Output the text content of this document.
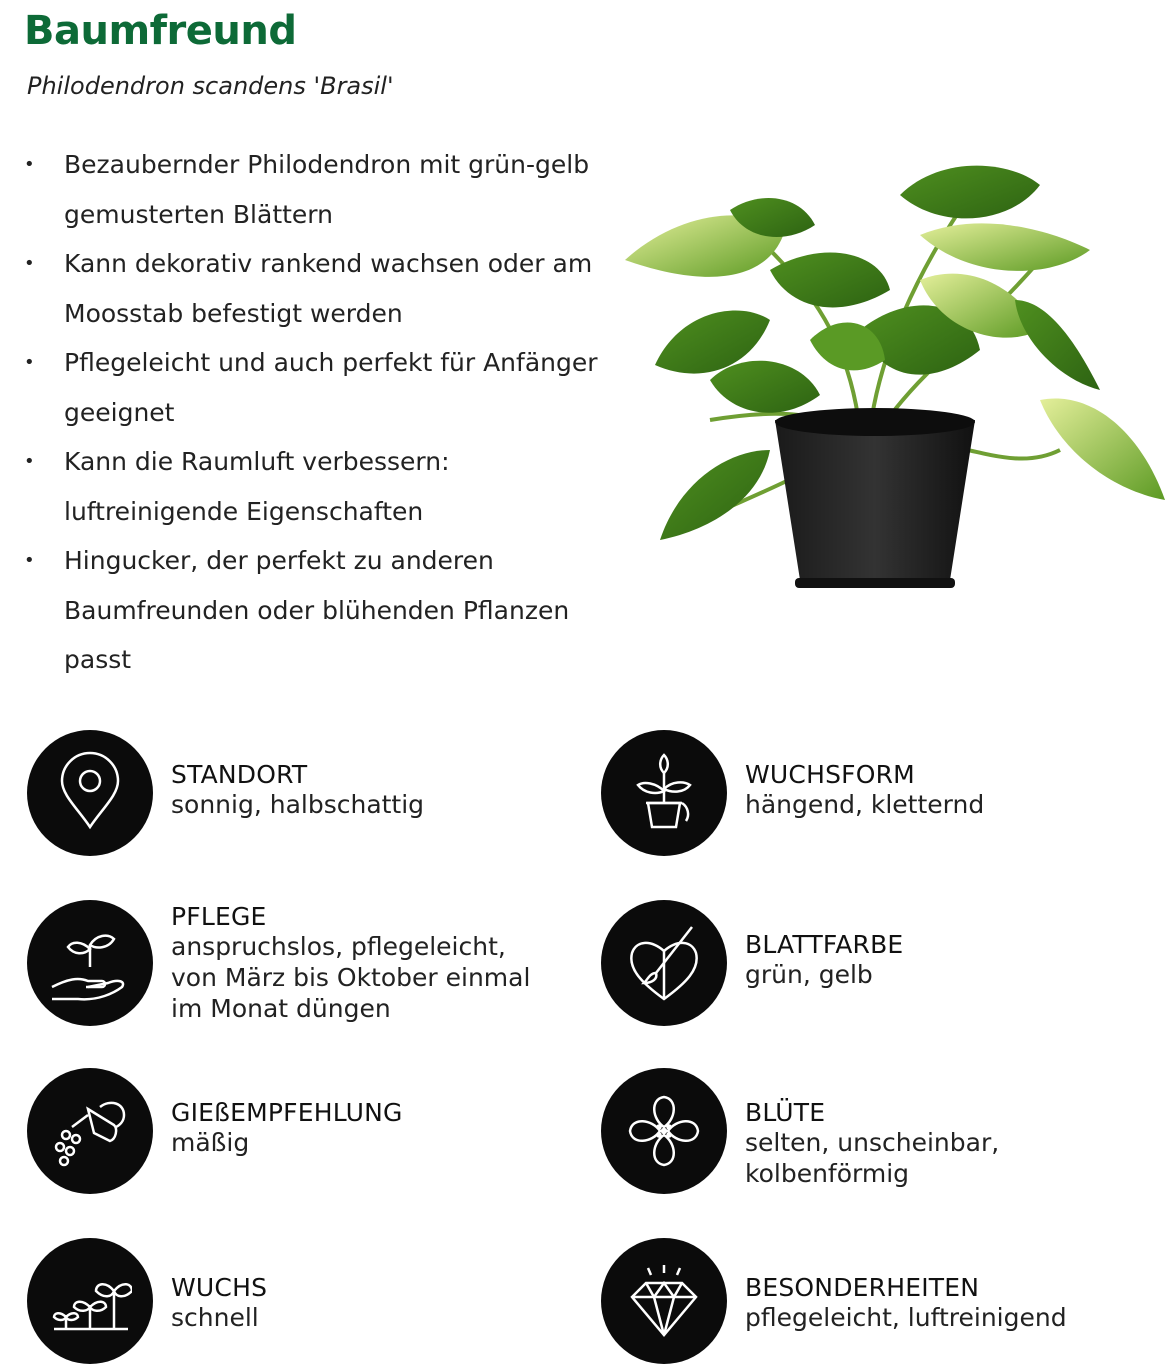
Baumfreund
Philodendron scandens 'Brasil'
• Bezaubernder Philodendron mit grün-gelb gemusterten Blättern
• Kann dekorativ rankend wachsen oder am Moosstab befestigt werden
• Pflegeleicht und auch perfekt für Anfänger geeignet
• Kann die Raumluft verbessern: luftreinigende Eigenschaften
• Hingucker, der perfekt zu anderen Baumfreunden oder blühenden Pflanzen passt
STANDORT
sonnig, halbschattig
WUCHSFORM
hängend, kletternd
PFLEGE
anspruchslos, pflegeleicht,
von März bis Oktober einmal
im Monat düngen
BLATTFARBE
grün, gelb
GIEßEMPFEHLUNG
mäßig
BLÜTE
selten, unscheinbar, kolbenförmig
WUCHS
schnell
BESONDERHEITEN
pflegeleicht, luftreinigend
